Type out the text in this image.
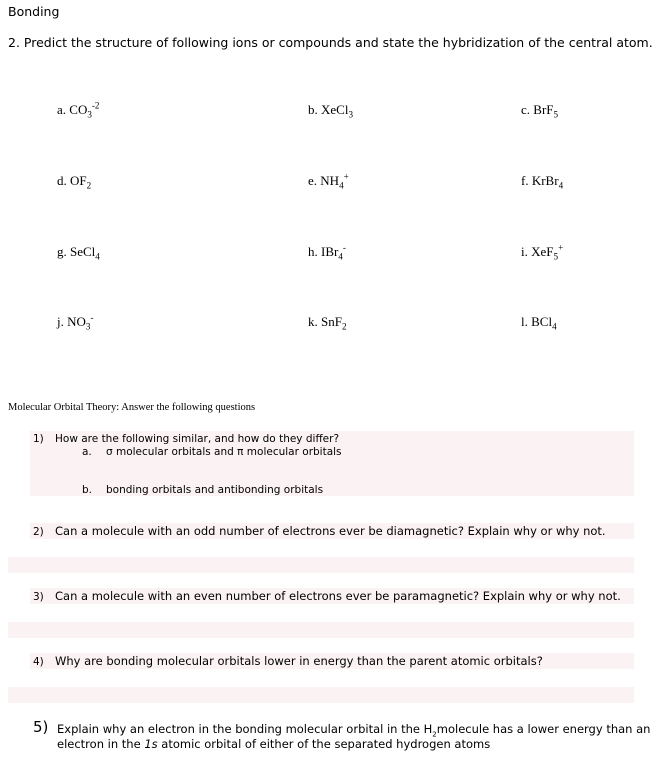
Bonding
2. Predict the structure of following ions or compounds and state the hybridization of the central atom.
a. $CO_3^{-2}$	b. XeCl$_3$	c. BrF$_5$
d. $OF_2$	e. $NH_4^+$	f. KrBr$_4$
g. SeCl$_4$	h. IBr$_4$-	i. XeF$_5$+
j. $NO_3^-$	k. SnF$_2$	l. BCl$_4$
Molecular Orbital Theory: Answer the following questions
1) How are the following similar, and how do they differ?
a. σ molecular orbitals and π molecular orbitals
b. bonding orbitals and antibonding orbitals
2) Can a molecule with an odd number of electrons ever be diamagnetic? Explain why or why not.
3) Can a molecule with an even number of electrons ever be paramagnetic? Explain why or why not.
4) Why are bonding molecular orbitals lower in energy than the parent atomic orbitals?
5) Explain why an electron in the bonding molecular orbital in the H $_2$ molecule has a lower energy than an
electron in the 1s atomic orbital of either of the separated hydrogen atoms
